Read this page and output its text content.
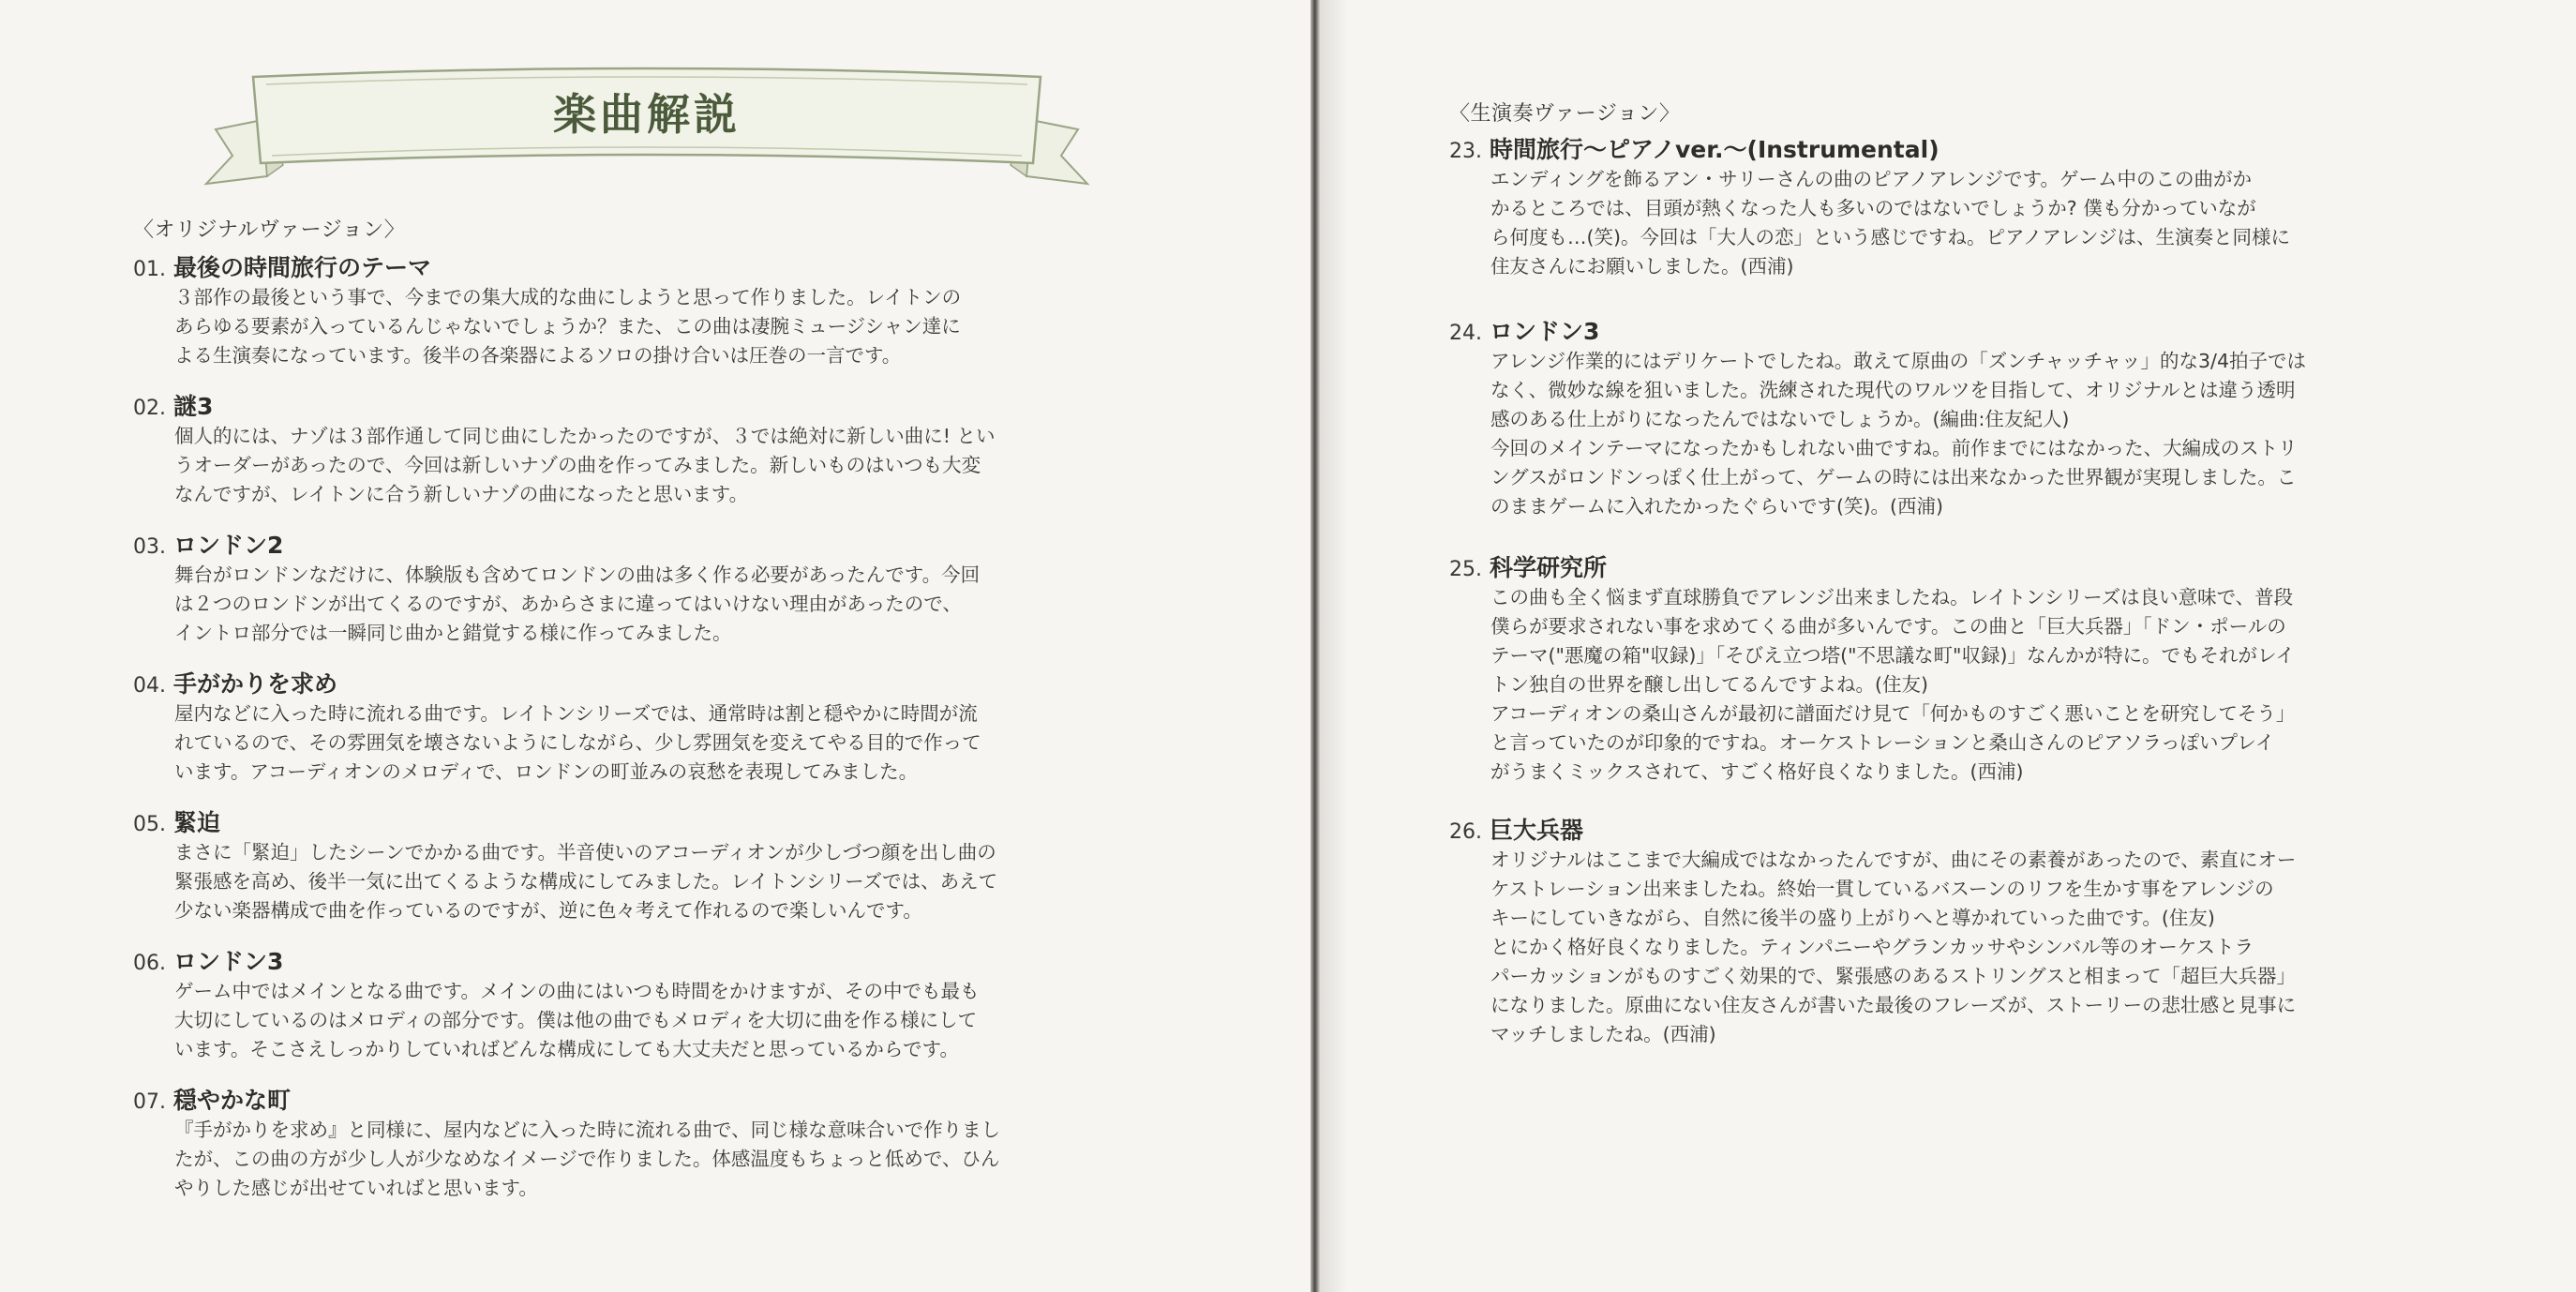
楽曲解説
〈オリジナルヴァージョン〉
01. 最後の時間旅行のテーマ

３部作の最後という事で、今までの集大成的な曲にしようと思って作りました。レイトンの

あらゆる要素が入っているんじゃないでしょうか？また、この曲は凄腕ミュージシャン達に

よる生演奏になっています。後半の各楽器によるソロの掛け合いは圧巻の一言です。

02. 謎3

個人的には、ナゾは３部作通して同じ曲にしたかったのですが、３では絶対に新しい曲に! とい

うオーダーがあったので、今回は新しいナゾの曲を作ってみました。新しいものはいつも大変

なんですが、レイトンに合う新しいナゾの曲になったと思います。

03. ロンドン2

舞台がロンドンなだけに、体験版も含めてロンドンの曲は多く作る必要があったんです。今回

は２つのロンドンが出てくるのですが、あからさまに違ってはいけない理由があったので、

イントロ部分では一瞬同じ曲かと錯覚する様に作ってみました。

04. 手がかりを求め

屋内などに入った時に流れる曲です。レイトンシリーズでは、通常時は割と穏やかに時間が流

れているので、その雰囲気を壊さないようにしながら、少し雰囲気を変えてやる目的で作って

います。アコーディオンのメロディで、ロンドンの町並みの哀愁を表現してみました。

05. 緊迫

まさに「緊迫」したシーンでかかる曲です。半音使いのアコーディオンが少しづつ顔を出し曲の

緊張感を高め、後半一気に出てくるような構成にしてみました。レイトンシリーズでは、あえて

少ない楽器構成で曲を作っているのですが、逆に色々考えて作れるので楽しいんです。

06. ロンドン3

ゲーム中ではメインとなる曲です。メインの曲にはいつも時間をかけますが、その中でも最も

大切にしているのはメロディの部分です。僕は他の曲でもメロディを大切に曲を作る様にして

います。そこさえしっかりしていればどんな構成にしても大丈夫だと思っているからです。

07. 穏やかな町

『手がかりを求め』と同様に、屋内などに入った時に流れる曲で、同じ様な意味合いで作りまし

たが、この曲の方が少し人が少なめなイメージで作りました。体感温度もちょっと低めで、ひん

やりした感じが出せていればと思います。

〈生演奏ヴァージョン〉
23. 時間旅行〜ピアノver.〜(Instrumental)

エンディングを飾るアン・サリーさんの曲のピアノアレンジです。ゲーム中のこの曲がか

かるところでは、目頭が熱くなった人も多いのではないでしょうか? 僕も分かっていなが

ら何度も…(笑)。今回は「大人の恋」という感じですね。ピアノアレンジは、生演奏と同様に

住友さんにお願いしました。(西浦)

24. ロンドン3

アレンジ作業的にはデリケートでしたね。敢えて原曲の「ズンチャッチャッ」的な3/4拍子では

なく、微妙な線を狙いました。洗練された現代のワルツを目指して、オリジナルとは違う透明

感のある仕上がりになったんではないでしょうか。(編曲:住友紀人)

今回のメインテーマになったかもしれない曲ですね。前作までにはなかった、大編成のストリ

ングスがロンドンっぽく仕上がって、ゲームの時には出来なかった世界観が実現しました。こ

のままゲームに入れたかったぐらいです(笑)。(西浦)

25. 科学研究所

この曲も全く悩まず直球勝負でアレンジ出来ましたね。レイトンシリーズは良い意味で、普段

僕らが要求されない事を求めてくる曲が多いんです。この曲と「巨大兵器」「ドン・ポールの

テーマ("悪魔の箱"収録)」「そびえ立つ塔("不思議な町"収録)」なんかが特に。でもそれがレイ

トン独自の世界を醸し出してるんですよね。(住友)

アコーディオンの桑山さんが最初に譜面だけ見て「何かものすごく悪いことを研究してそう」

と言っていたのが印象的ですね。オーケストレーションと桑山さんのピアソラっぽいプレイ

がうまくミックスされて、すごく格好良くなりました。(西浦)

26. 巨大兵器

オリジナルはここまで大編成ではなかったんですが、曲にその素養があったので、素直にオー

ケストレーション出来ましたね。終始一貫しているバスーンのリフを生かす事をアレンジの

キーにしていきながら、自然に後半の盛り上がりへと導かれていった曲です。(住友)

とにかく格好良くなりました。ティンパニーやグランカッサやシンバル等のオーケストラ

パーカッションがものすごく効果的で、緊張感のあるストリングスと相まって「超巨大兵器」

になりました。原曲にない住友さんが書いた最後のフレーズが、ストーリーの悲壮感と見事に

マッチしましたね。(西浦)
